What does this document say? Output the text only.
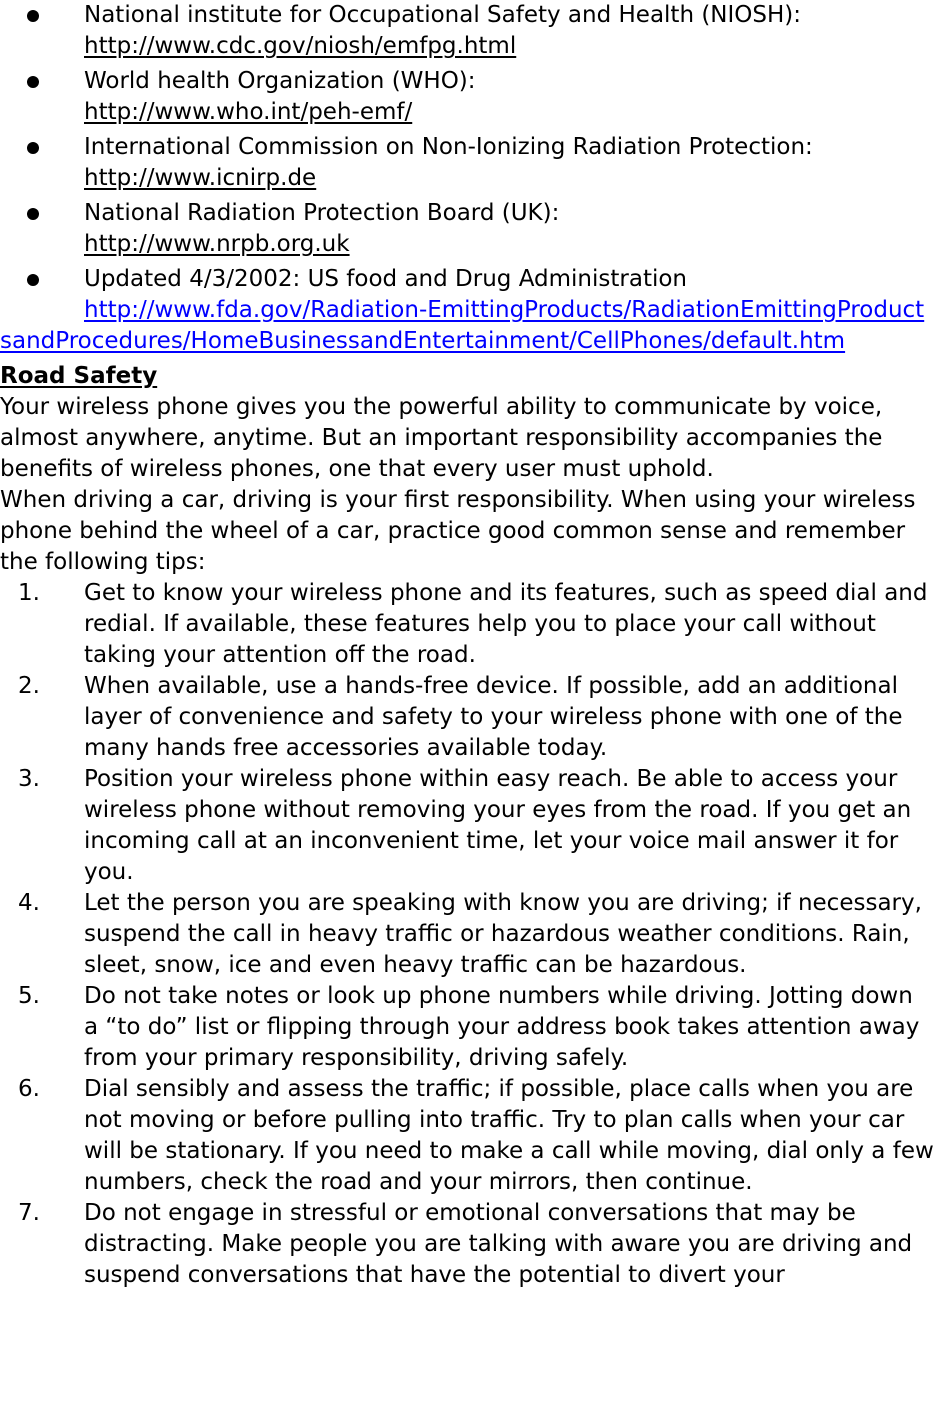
National institute for Occupational Safety and Health (NIOSH):
http://www.cdc.gov/niosh/emfpg.html
World health Organization (WHO):
http://www.who.int/peh-emf/
International Commission on Non-Ionizing Radiation Protection:
http://www.icnirp.de
National Radiation Protection Board (UK):
http://www.nrpb.org.uk
Updated 4/3/2002: US food and Drug Administration
http://www.fda.gov/Radiation-EmittingProducts/RadiationEmittingProductsandProcedures/HomeBusinessandEntertainment/CellPhones/default.htm
Road Safety

Your wireless phone gives you the powerful ability to communicate by voice, almost anywhere, anytime. But an important responsibility accompanies the benefits of wireless phones, one that every user must uphold.

When driving a car, driving is your first responsibility. When using your wireless phone behind the wheel of a car, practice good common sense and remember the following tips:

1. Get to know your wireless phone and its features, such as speed dial and redial. If available, these features help you to place your call without taking your attention off the road.
2. When available, use a hands-free device. If possible, add an additional layer of convenience and safety to your wireless phone with one of the many hands free accessories available today.
3. Position your wireless phone within easy reach. Be able to access your wireless phone without removing your eyes from the road. If you get an incoming call at an inconvenient time, let your voice mail answer it for you.
4. Let the person you are speaking with know you are driving; if necessary, suspend the call in heavy traffic or hazardous weather conditions. Rain, sleet, snow, ice and even heavy traffic can be hazardous.
5. Do not take notes or look up phone numbers while driving. Jotting down a “to do” list or flipping through your address book takes attention away from your primary responsibility, driving safely.
6. Dial sensibly and assess the traffic; if possible, place calls when you are not moving or before pulling into traffic. Try to plan calls when your car will be stationary. If you need to make a call while moving, dial only a few numbers, check the road and your mirrors, then continue.
7. Do not engage in stressful or emotional conversations that may be distracting. Make people you are talking with aware you are driving and suspend conversations that have the potential to divert your
